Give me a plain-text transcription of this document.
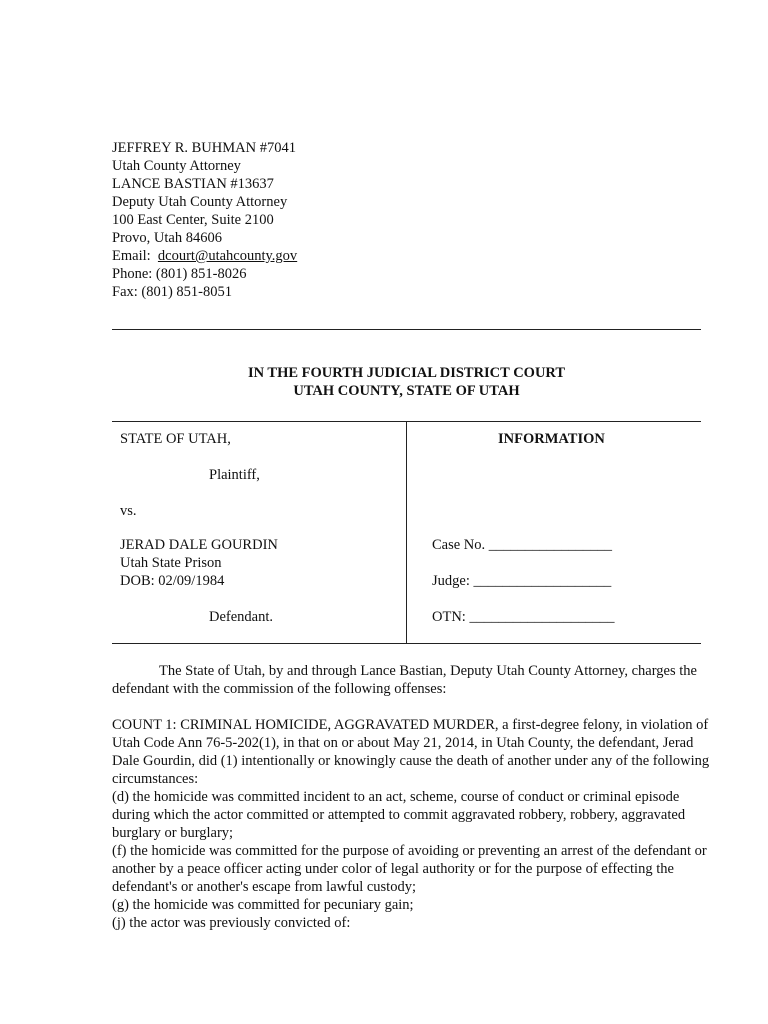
JEFFREY R. BUHMAN #7041
Utah County Attorney
LANCE BASTIAN #13637
Deputy Utah County Attorney
100 East Center, Suite 2100
Provo, Utah 84606
Email: dcourt@utahcounty.gov
Phone: (801) 851-8026
Fax: (801) 851-8051
IN THE FOURTH JUDICIAL DISTRICT COURT
UTAH COUNTY, STATE OF UTAH
STATE OF UTAH,
Plaintiff,
vs.
JERAD DALE GOURDIN
Utah State Prison
DOB: 02/09/1984
Defendant.
INFORMATION
Case No. _________________
Judge: ___________________
OTN: ____________________

The State of Utah, by and through Lance Bastian, Deputy Utah County Attorney, charges the defendant with the commission of the following offenses:

COUNT 1: CRIMINAL HOMICIDE, AGGRAVATED MURDER, a first-degree felony, in violation of Utah Code Ann 76-5-202(1), in that on or about May 21, 2014, in Utah County, the defendant, Jerad Dale Gourdin, did (1) intentionally or knowingly cause the death of another under any of the following circumstances:

(d) the homicide was committed incident to an act, scheme, course of conduct or criminal episode during which the actor committed or attempted to commit aggravated robbery, robbery, aggravated burglary or burglary;

(f) the homicide was committed for the purpose of avoiding or preventing an arrest of the defendant or another by a peace officer acting under color of legal authority or for the purpose of effecting the defendant's or another's escape from lawful custody;

(g) the homicide was committed for pecuniary gain;

(j) the actor was previously convicted of:
